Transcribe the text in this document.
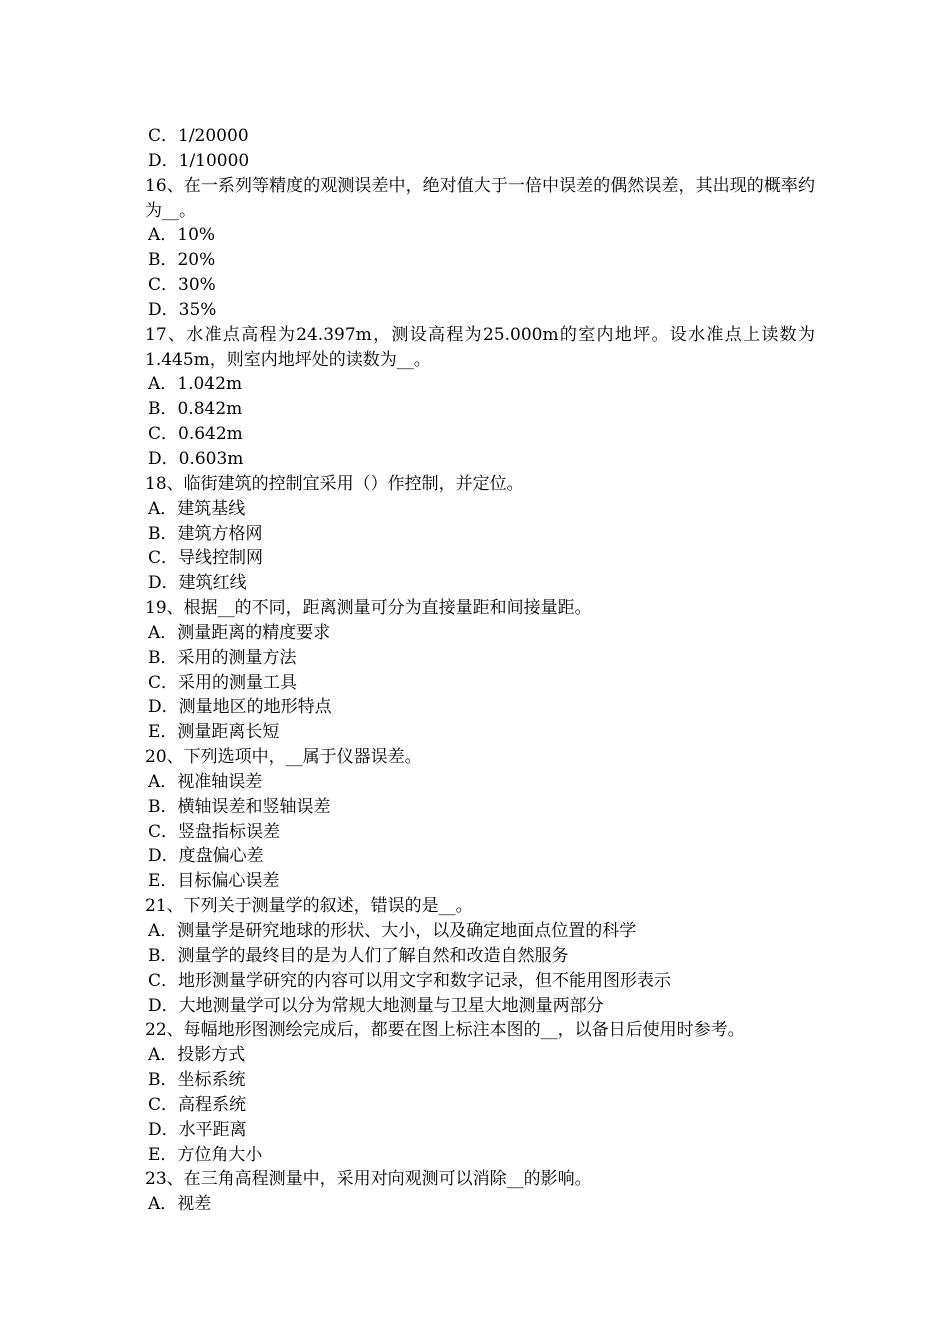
C．1/20000
D．1/10000
16、在一系列等精度的观测误差中，绝对值大于一倍中误差的偶然误差，其出现的概率约为__。
A．10%
B．20%
C．30%
D．35%
17、水准点高程为24.397m，测设高程为25.000m的室内地坪。设水准点上读数为1.445m，则室内地坪处的读数为__。
A．1.042m
B．0.842m
C．0.642m
D．0.603m
18、临街建筑的控制宜采用（）作控制，并定位。
A．建筑基线
B．建筑方格网
C．导线控制网
D．建筑红线
19、根据__的不同，距离测量可分为直接量距和间接量距。
A．测量距离的精度要求
B．采用的测量方法
C．采用的测量工具
D．测量地区的地形特点
E．测量距离长短
20、下列选项中，__属于仪器误差。
A．视准轴误差
B．横轴误差和竖轴误差
C．竖盘指标误差
D．度盘偏心差
E．目标偏心误差
21、下列关于测量学的叙述，错误的是__。
A．测量学是研究地球的形状、大小，以及确定地面点位置的科学
B．测量学的最终目的是为人们了解自然和改造自然服务
C．地形测量学研究的内容可以用文字和数字记录，但不能用图形表示
D．大地测量学可以分为常规大地测量与卫星大地测量两部分
22、每幅地形图测绘完成后，都要在图上标注本图的__，以备日后使用时参考。
A．投影方式
B．坐标系统
C．高程系统
D．水平距离
E．方位角大小
23、在三角高程测量中，采用对向观测可以消除__的影响。
A．视差
